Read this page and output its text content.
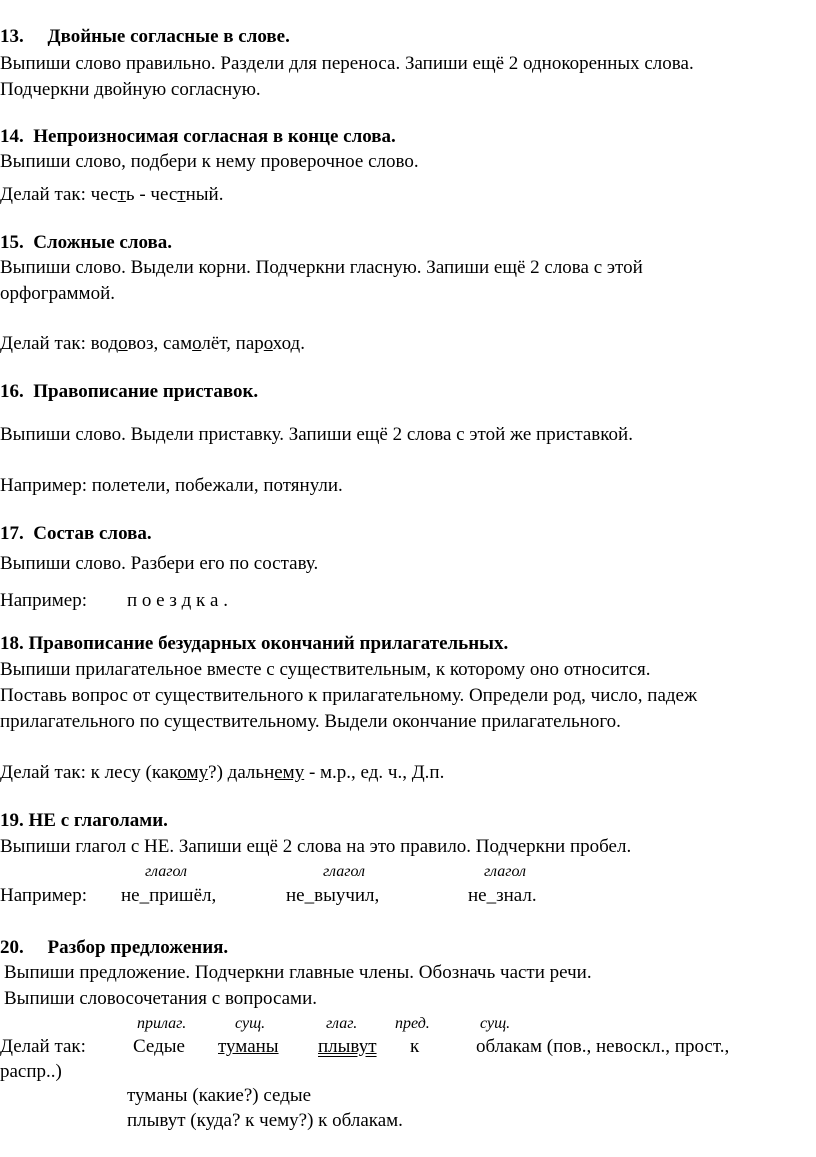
13.     Двойные согласные в слове.
Выпиши слово правильно. Раздели для переноса. Запиши ещё 2 однокоренных слова.
Подчеркни двойную согласную.
14.  Непроизносимая согласная в конце слова.
Выпиши слово, подбери к нему проверочное слово.
Делай так: честь - честный.
15.  Сложные слова.
Выпиши слово. Выдели корни. Подчеркни гласную. Запиши ещё 2 слова с этой
орфограммой.
Делай так: водовоз, самолёт, пароход.
16.  Правописание приставок.
Выпиши слово. Выдели приставку. Запиши ещё 2 слова с этой же приставкой.
Например: полетели, побежали, потянули.
17.  Состав слова.
Выпиши слово. Разбери его по составу.
Например: п о е з д к а .
18. Правописание безударных окончаний прилагательных.
Выпиши прилагательное вместе с существительным, к которому оно относится.
Поставь вопрос от существительного к прилагательному. Определи род, число, падеж
прилагательного по существительному. Выдели окончание прилагательного.
Делай так: к лесу (какому?) дальнему - м.р., ед. ч., Д.п.
19. НЕ с глаголами.
Выпиши глагол с НЕ. Запиши ещё 2 слова на это правило. Подчеркни пробел.
глагол	глагол	глагол
Например: не_пришёл,	не_выучил,	не_знал.
20.     Разбор предложения.
Выпиши предложение. Подчеркни главные члены. Обозначь части речи.
Выпиши словосочетания с вопросами.
прилаг.	сущ.	глаг. пред.	сущ.
Делай так: Седые туманы плывут к	облакам (пов., невоскл., прост.,
распр..)
туманы (какие?) седые
плывут (куда? к чему?) к облакам.
